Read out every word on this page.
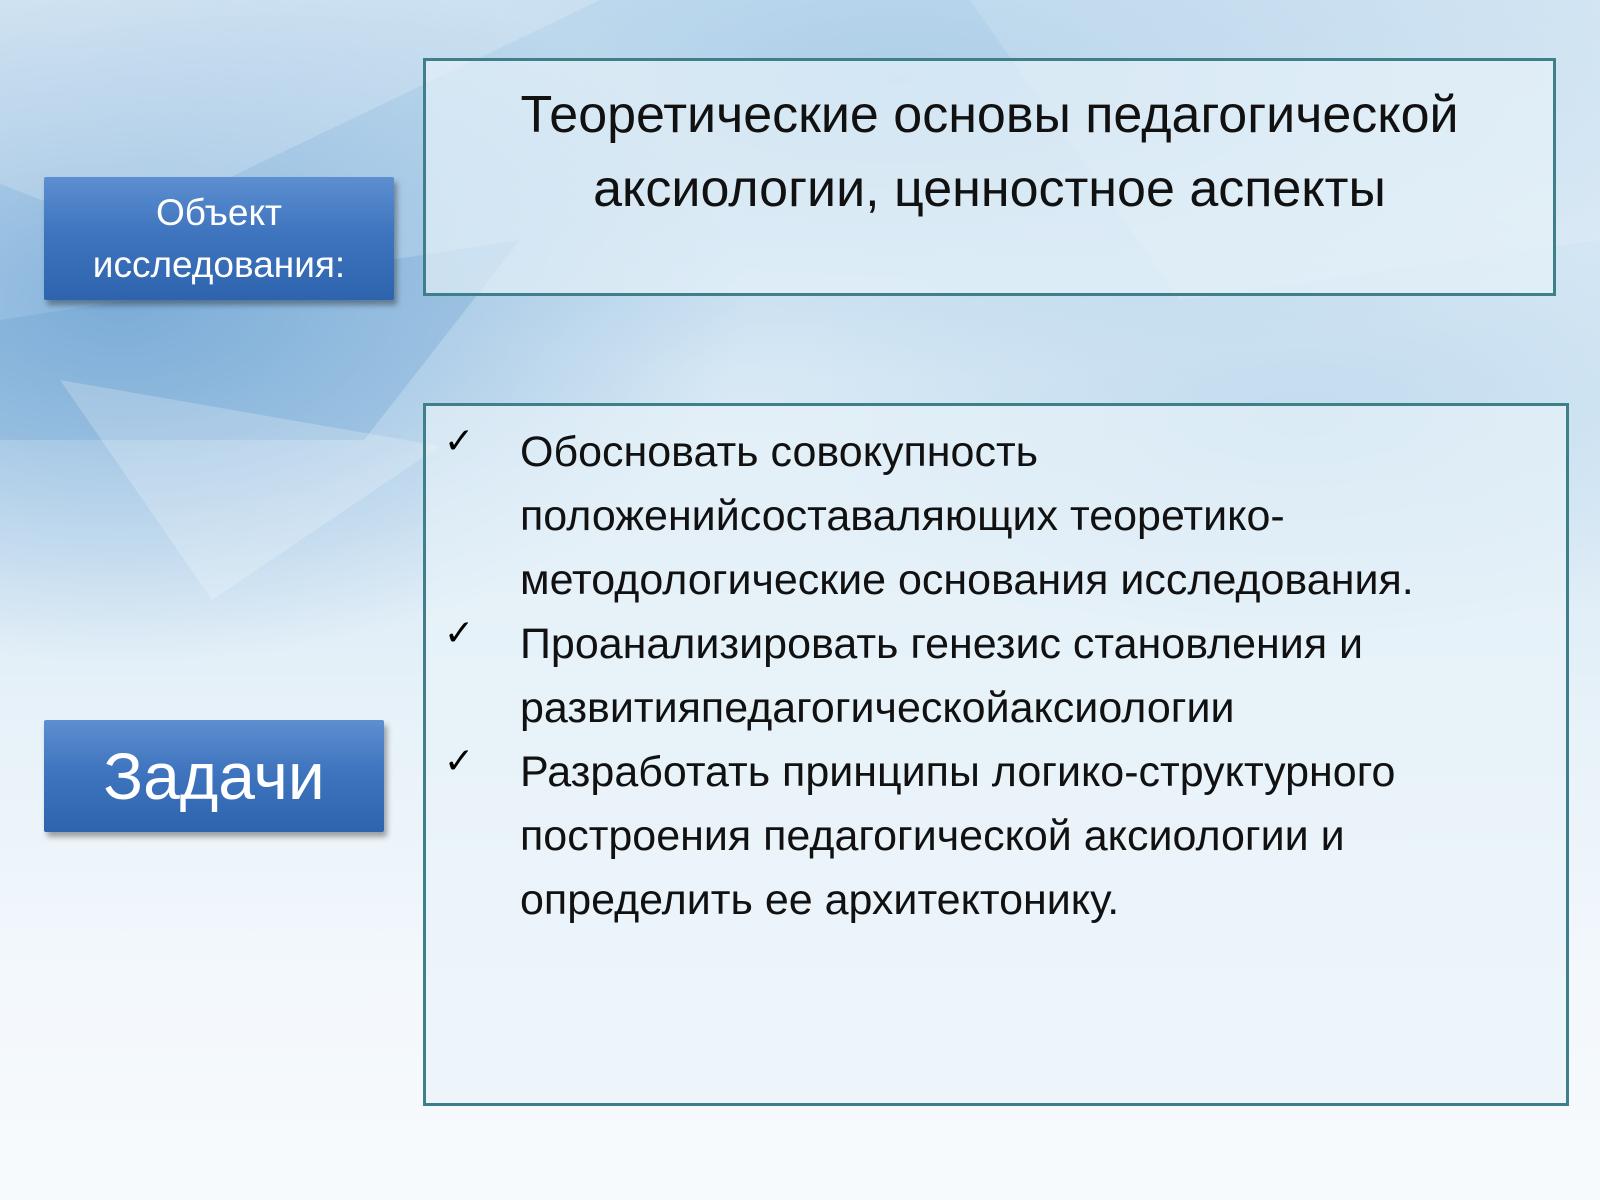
Объект исследования:
Теоретические основы педагогической аксиологии, ценностное аспекты
Задачи
✓ Обосновать совокупность положенийсоставаляющих теоретико-методологические основания исследования.
✓ Проанализировать генезис становления и развитияпедагогическойаксиологии
✓ Разработать принципы логико-структурного построения педагогической аксиологии и определить ее архитектонику.
